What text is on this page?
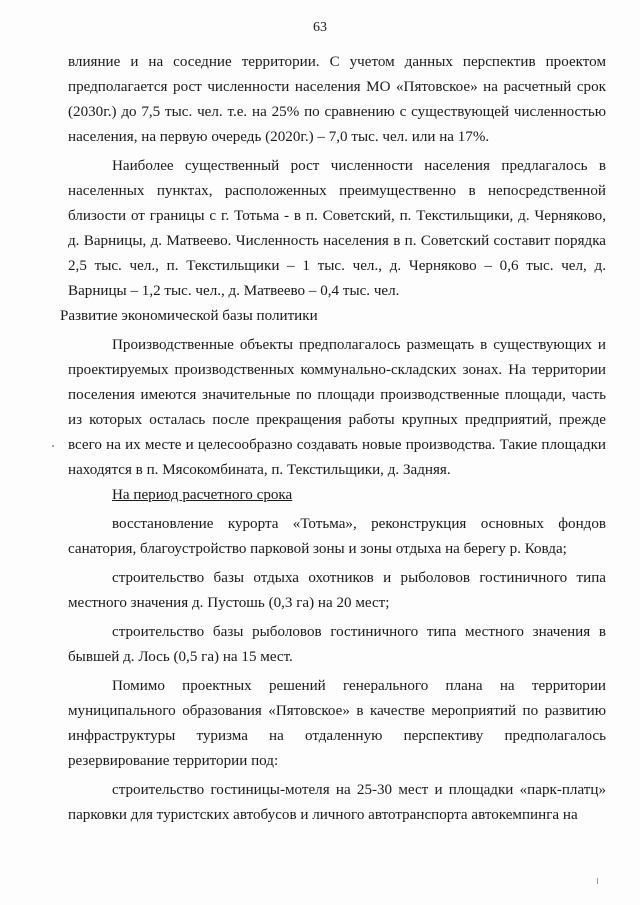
63

влияние и на соседние территории. С учетом данных перспектив проектом предполагается рост численности населения МО «Пятовское» на расчетный срок (2030г.) до 7,5 тыс. чел. т.е. на 25% по сравнению с существующей численностью населения, на первую очередь (2020г.) – 7,0 тыс. чел. или на 17%.

Наиболее существенный рост численности населения предлагалось в населенных пунктах, расположенных преимущественно в непосредственной близости от границы с г. Тотьма - в п. Советский, п. Текстильщики, д. Черняково, д. Варницы, д. Матвеево. Численность населения в п. Советский составит порядка 2,5 тыс. чел., п. Текстильщики – 1 тыс. чел., д. Черняково – 0,6 тыс. чел, д. Варницы – 1,2 тыс. чел., д. Матвеево – 0,4 тыс. чел.

Развитие экономической базы политики

Производственные объекты предполагалось размещать в существующих и проектируемых производственных коммунально-складских зонах. На территории поселения имеются значительные по площади производственные площади, часть из которых осталась после прекращения работы крупных предприятий, прежде всего на их месте и целесообразно создавать новые производства. Такие площадки находятся в п. Мясокомбината, п. Текстильщики, д. Задняя.

На период расчетного срока

восстановление курорта «Тотьма», реконструкция основных фондов санатория, благоустройство парковой зоны и зоны отдыха на берегу р. Ковда;

строительство базы отдыха охотников и рыболовов гостиничного типа местного значения д. Пустошь (0,3 га) на 20 мест;

строительство базы рыболовов гостиничного типа местного значения в бывшей д. Лось (0,5 га) на 15 мест.

Помимо проектных решений генерального плана на территории муниципального образования «Пятовское» в качестве мероприятий по развитию инфраструктуры туризма на отдаленную перспективу предполагалось резервирование территории под:

строительство гостиницы-мотеля на 25-30 мест и площадки «парк-платц» парковки для туристских автобусов и личного автотранспорта автокемпинга на
